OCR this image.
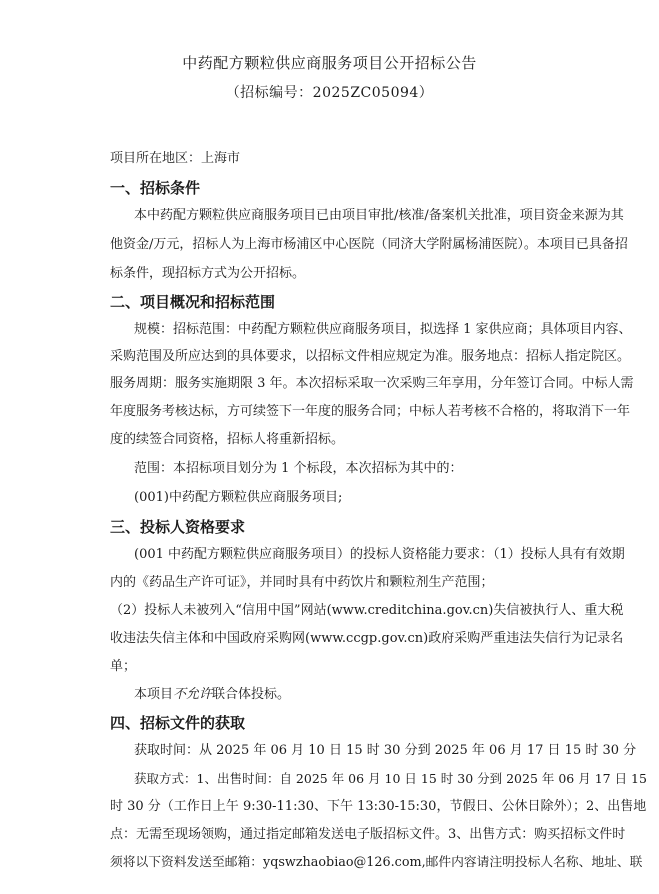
中药配方颗粒供应商服务项目公开招标公告
（招标编号：2025ZC05094）
项目所在地区：上海市
一、招标条件
本中药配方颗粒供应商服务项目已由项目审批/核准/备案机关批准，项目资金来源为其
他资金/万元，招标人为上海市杨浦区中心医院（同济大学附属杨浦医院）。本项目已具备招
标条件，现招标方式为公开招标。
二、项目概况和招标范围
规模：招标范围：中药配方颗粒供应商服务项目，拟选择 1 家供应商；具体项目内容、
采购范围及所应达到的具体要求，以招标文件相应规定为准。服务地点：招标人指定院区。
服务周期：服务实施期限 3 年。本次招标采取一次采购三年享用，分年签订合同。中标人需
年度服务考核达标，方可续签下一年度的服务合同；中标人若考核不合格的，将取消下一年
度的续签合同资格，招标人将重新招标。
范围：本招标项目划分为 1 个标段，本次招标为其中的：
(001)中药配方颗粒供应商服务项目;
三、投标人资格要求
(001 中药配方颗粒供应商服务项目）的投标人资格能力要求：（1）投标人具有有效期
内的《药品生产许可证》，并同时具有中药饮片和颗粒剂生产范围；
（2）投标人未被列入“信用中国”网站(www.creditchina.gov.cn)失信被执行人、重大税
收违法失信主体和中国政府采购网(www.ccgp.gov.cn)政府采购严重违法失信行为记录名
单；
本项目不允许联合体投标。
四、招标文件的获取
获取时间：从 2025 年 06 月 10 日 15 时 30 分到 2025 年 06 月 17 日 15 时 30 分
获取方式：1、出售时间：自 2025 年 06 月 10 日 15 时 30 分到 2025 年 06 月 17 日 15
时 30 分（工作日上午 9:30-11:30、下午 13:30-15:30，节假日、公休日除外）；2、出售地
点：无需至现场领购，通过指定邮箱发送电子版招标文件。3、出售方式：购买招标文件时
须将以下资料发送至邮箱：yqswzhaobiao@126.com,邮件内容请注明投标人名称、地址、联
